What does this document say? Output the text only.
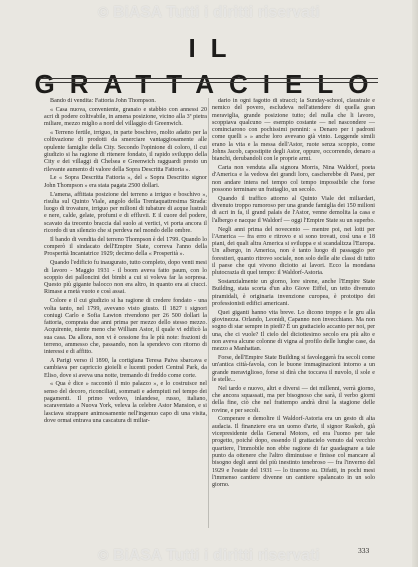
© BiASA Tutti i diritti riservati
IL GRATTACIELO

Bando di vendita: Fattoria John Thompson.

« Casa nuova, conveniente, granaio e stabbio con annessi 20 acri di podere coltivabile, in amena posizione, vicino alla 3ª pietra miliare, mezzo miglio a nord del villaggio di Greenwich.

« Terreno fertile, irriguo, in parte boschivo, molto adatto per la coltivazione di prodotti da smerciare vantaggiosamente alle opulente famiglie della City. Secondo l'opinione di coloro, il cui giudizio si ha ragione di ritenere fondato, il rapido sviluppo della City e dei villaggi di Chelsea e Greenwich ragguardi presto un rilevante aumento di valore della Sopra Descritta Fattoria ».

Le « Sopra Descritta Fattoria », del « Sopra Descritto signor John Thompson » era stata pagata 2500 dollari.

L'amena, affittata posizione del terreno a irriguo e boschivo », risulta sul Quinto Viale, angolo della Trentaquattresima Strada: luogo di trovature, irriguo per milioni di tubature di acque lustrali e nere, calde, gelate, profumi e di effluvii. E il cuore del podere, scavato da trecento braccia dal suolo ai vertici, vi porta ancora il ricordo di un silenzio che si perdeva nel mondo delle ombre.

Il bando di vendita del terreno Thompson è del 1799. Quando lo comperò il sindacato dell'Empire State, correva l'anno della Prosperità Incantatrice 1929; decimo della « Prosperità ».

Quando l'edificio fu inaugurato, tutto completo, dopo venti mesi di lavoro - Maggio 1931 - il boom aveva fatto paum, con lo scoppio dei palloncini dei bimbi a cui si voleva far la sorpresa. Questo più gigante balocco non era altro, in quanto era ai ciucci. Rimase a metà vuoto e così assai.

Colore e il cui giudizio si ha ragione di credere fondato - una volta tanto, nel 1799, avevano visto giusto. Il 1827 i signori coniugi Carlo e Sofia Lawton rivendono per 26 500 dollari la fattoria, comprata due anni prima per mezzo dello stesso mezzo. Acquirente, niente meno che William Astor, il quale vi edificò la sua casa. Da allora, non vi è cessione fra le più note: frazioni di terreno, ammesso che, passando, non la spendevo con ritorno di interessi e di affitto.

A Parigi verso il 1890, la cortigiana Teresa Paiva sbarcava e cambiava per capriccio gioielli e lucenti poderi Central Park, da Eliso, dove si aveva una notte, tremando di freddo come corte.

« Qua è dice » raccontò il mio palazzo », e lo costruisce nel senso del decoro, riconciliati, sommati e adempiuti nel tempo dei pagamenti. Il primo vedovo, inlandese, russo, italiano, scaraventato a Nuova York, veleva la celebre Astor Mansion, e si lasciava strappare animosamente nell'ingenuo capo di una visita, dove ormai entrava una cascatura di miliar-

dario in ogni fagotto di stracci; la Sunday-school, claustrale e nemico del povero, escludeva nell'attendere di quella gran meraviglia, grande posizione tutto; del nulla che li lavoro, scoppiava qualcuno — esempio costante — nel nascondere — cominciarono con pochissimi pennini: « Denaro per i padroni come quelli » » anche loro avevano già vinto. Leggende simili erano la vita e la messa dell'Astor, ruote senza scoppio, come Johns Jacob, capostipite degli Astor, oppure, occorrendo, denaro a bianchi, derubandoli con le proprie armi.

Carta non venduta alla signora Morris, Nina Waldorf, poeta d'America e la vedova dei grandi loro, cascherebbe di Paesi, per non andare intera nel tempo col tempo impossibile che forse possono terminare un frattaglio, un secolo.

Quando il traffico attorno al Quinto Viale dei miliardari, divenuto troppo rumoroso per una grande famiglia dei 150 milioni di acri in fa, il grand palais de l'Astor, venne demolita la casa e l'albergo e nacque il Waldorf — oggi l'Empire State su un superbo.

Negli anni prima del novecento — mentre poi, nei lotti per l'America — fra erro e ritrovo e si sono trovati, così una e 18 piani, dei quali altra America si sviluppa e si scandalizza l'Europa. Un albergo, in America, non è tanto luogo di passaggio per forestieri, quanto ritrovo sociale, non solo delle alte classi di tutto il paese che qui vivono diciotto ai lavori. Ecco la mondana plutocrazia di quel tempo: il Waldorf-Astoria.

Sostanzialmente un giorno, lore sirene, anche l'Empire State Building, stata scorta d'un alto Giove Eiffel, un tetto divenuto piramidali, è originaria invenzione curopea, è prototipo dei professionisti edifici americani.

Quei giganti hanno vita breve. Lo dicono troppo e le gru alla giovinezza. Orlando, Leonidi, Capanno non invecchiano. Ma non sogno di star sempre in piedi? È un grattacielo accanto per noi, per una, che ci vuole? Il cielo del diciottesimo secolo era più alto e non aveva alcune colonne di vigna al profilo delle lunghe case, da mezzo a Manhattan.

Forse, dell'Empire State Building si favoleggerà fra secoli come un'antica città-favola, con le buone immaginazioni intorno a un grande meraviglioso, forse si dirà che toccava il nuvolo, il sole e le stelle...

Nel tardo e nuovo, altri e diversi — dei millenni, verrà giorno, che ancora squassati, ma per bisognoso che sarà, il verbo giorni della fine, ciò che nel frattempo andrà dirsi la stagione delle rovine, e per secoli.

Comperare e demolire il Waldorf-Astoria era un gesto di alta audacia. Il finanziere era un uomo d'arte, il signor Raskob, già vicepresidente della General Motors, ed era l'uomo per tale progetto, poiché dopo, essendo il grattacielo venuto dal vecchio quartiere, l'immobile non ebbe ragione di far guadagnare a tale punto da ottenere che l'altro diminuisse e finisse col mancare al bisogno degli anni del più inestinto tenebroso — fra l'inverno del 1929 e l'estate del 1931 — lo tirarono su. Difatti, in pochi mesi l'immenso cantiere divenne un cantiere spalancato in un solo giorno.

333
© BiASA Tutti i diritti riservati
